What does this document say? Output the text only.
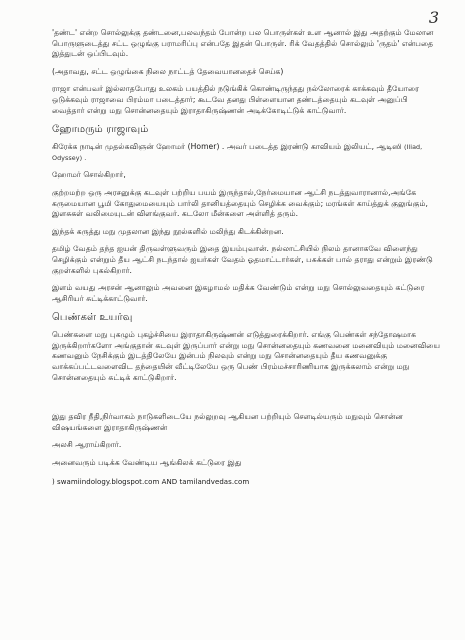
3

'தண்ட' என்ற சொல்லுக்கு தண்டனை,பலவந்தம் போன்ற பல பொருள்கள் உள ஆனால் இது அதற்கும் மேலான பொருளுடைத்து சட்ட ஒழுங்கு பராமரிப்பு என்பதே இதன் பொருள். ரிக் வேதத்தில் சொல்லும் 'ருதம்' என்பதை இத்துடன் ஒப்பிடவும்.

(அதாவது, சட்ட ஒழுங்கை நிலை நாட்டத் தேவையானதைச் செய்க)

ராஜா என்பவர் இல்லாதபோது உலகம் பயத்தில் நடுங்கிக் கொண்டிருந்தது நல்லோரைக் காக்கவும் தீயோரை ஒடுக்கவும் ராஜாவை பிரம்மா படைத்தார்; கூடவே தனது பிள்ளையான தண்டத்தையும் கடவுள் அனுப்பி வைத்தார் என்று மநு சொன்னதையும் இராதாகிருஷ்ணன் அடிக்கோடிட்டுக் காட்டுவார்.

ஹோமரும் ராஜாவும்

கிரேக்க நாடின் முதல்கவிஞன் ஹோமர் (Homer) . அவர் படைத்த இரண்டு காவியம் இலியட், ஆடிஸி (Iliad, Odyssey) .

ஹோமர் சொல்கிறார்,

குற்றமற்ற ஒரு அரசனுக்கு கடவுள் பற்றிய பயம் இருந்தால்,நேர்மையான ஆட்சி நடத்துவாரானால்,அங்கே கருமையான பூமி கோதுமையையும் பார்லி தானியத்தையும் செழிக்க வைக்கும்; மரங்கள் காய்த்துக் குலுங்கும், இளசுகள் வலிமையுடன் விளங்குவர். கடலோ மீன்களை அள்ளித் தரும்.

இந்தக் கருத்து மநு முதலான இந்து நூல்களில் மலிந்து கிடக்கின்றன.

தமிழ் வேதம் தந்த ஐயன் திருவள்ளுவரும் இதை இயம்புவான். நல்லாட்சியில் நிலம் தானாகவே விளைந்து செழிக்கும் என்றும் தீய ஆட்சி நடந்தால் ஐயர்கள் வேதம் ஓதமாட்டார்கள், பசுக்கள் பால் தராது என்றும் இரண்டு குறள்களில் புகல்கிறார்.

இளம் வயது அரசன் ஆனாலும் அவனை இகழாமல் மதிக்க வேண்டும் என்று மநு சொல்லுவதையும் கட்டுரை ஆசிரியர் சுட்டிக்காட்டுவார்.

பெண்கள் உயர்வு

பெண்களை மநு புகழும் புகழ்ச்சியை இராதாகிருஷ்ணன் எடுத்துரைக்கிறார். எங்கு பெண்கள் சந்தோஷமாக இருக்கிறார்களோ அங்குதான் கடவுள் இருப்பார் என்று மநு சொன்னதையும் கணவனை மனைவியும் மனைவியை கணவனும் நேசிக்கும் இடத்திலேயே இன்பம் நிலவும் என்று மநு சொன்னதையும் தீய கணவனுக்கு வாக்கப்பட்டவளைவிட தந்தையின் வீட்டிலேயே ஒரு பெண் பிரம்மச்சாரிணியாக இருக்கலாம் என்று மநு சொன்னதையும் சுட்டிக் காட்டுகிறார்.

இது தவிர நீதி,நிர்வாகம் நாடுகளிடையே நல்லுறவு ஆகியன பற்றியும் செளடில்யரும் மநுவும் சொன்ன விஷயங்களை இராதாகிருஷ்ணன்

அலசி ஆராய்கிறார்.

அனைவரும் படிக்க வேண்டிய ஆங்கிலக் கட்டுரை இது

) swamiindology.blogspot.com AND tamilandvedas.com
